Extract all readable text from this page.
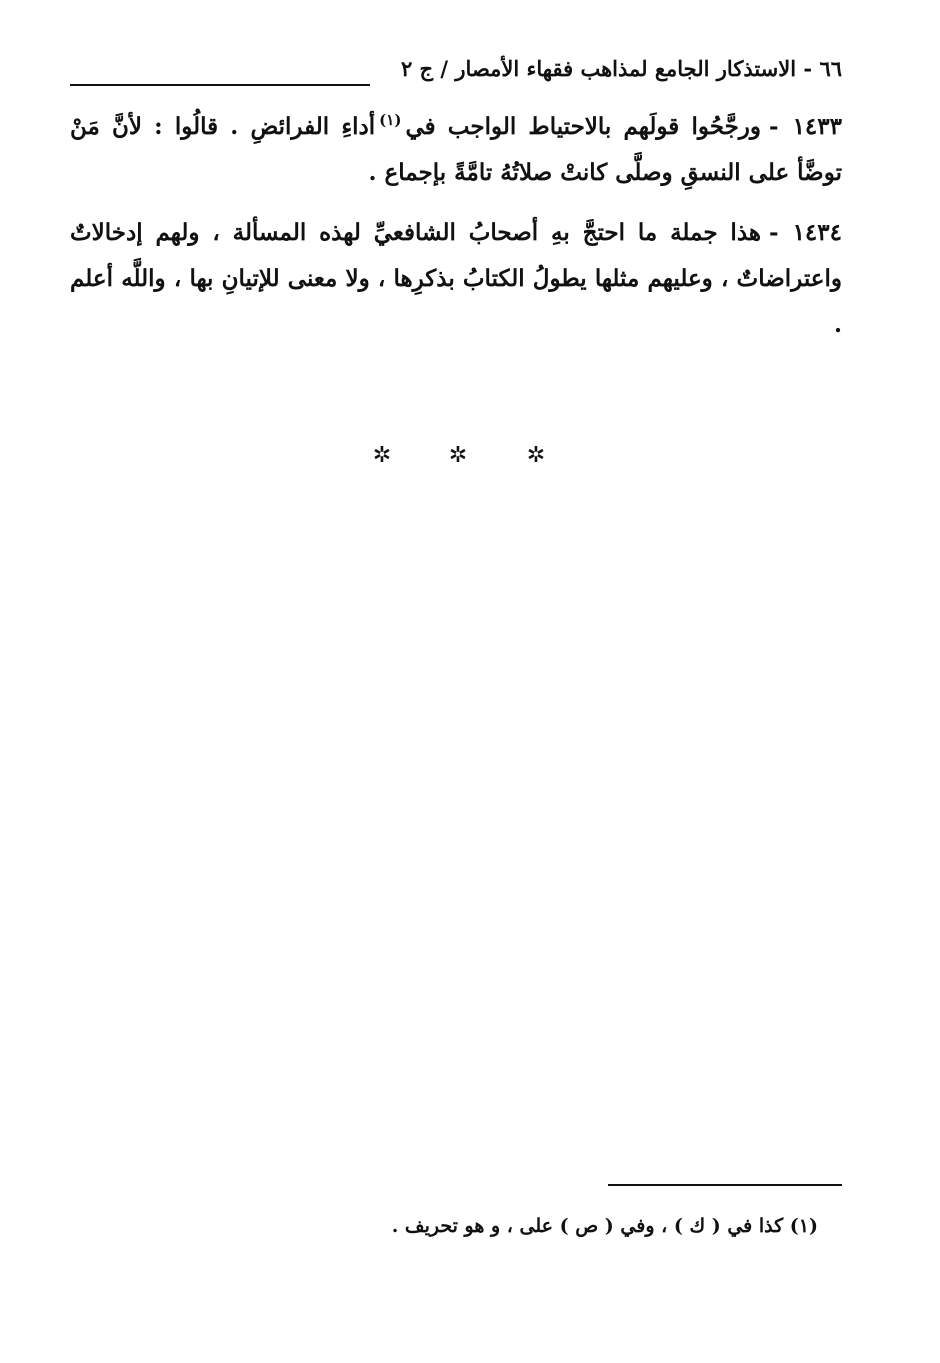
٦٦ - الاستذكار الجامع لمذاهب فقهاء الأمصار / ج ٢

١٤٣٣-ورجَّحُوا قولَهم بالاحتياط الواجب في$^{(١)}$أداءِ الفرائضِ . قالُوا : لأنَّ مَنْ توضَّأ على النسقِ وصلَّى كانتْ صلاتُهُ تامَّةً بإجماع .

١٤٣٤-هذا جملة ما احتجَّ بهِ أصحابُ الشافعيِّ لهذه المسألة ، ولهم إدخالاتٌ واعتراضاتٌ ، وعليهم مثلها يطولُ الكتابُ بذكرِها ، ولا معنى للإتيانِ بها ، واللَّه أعلم .

✲	✲	✲
(١) كذا في ( ك ) ، وفي ( ص ) على ، و هو تحريف .
